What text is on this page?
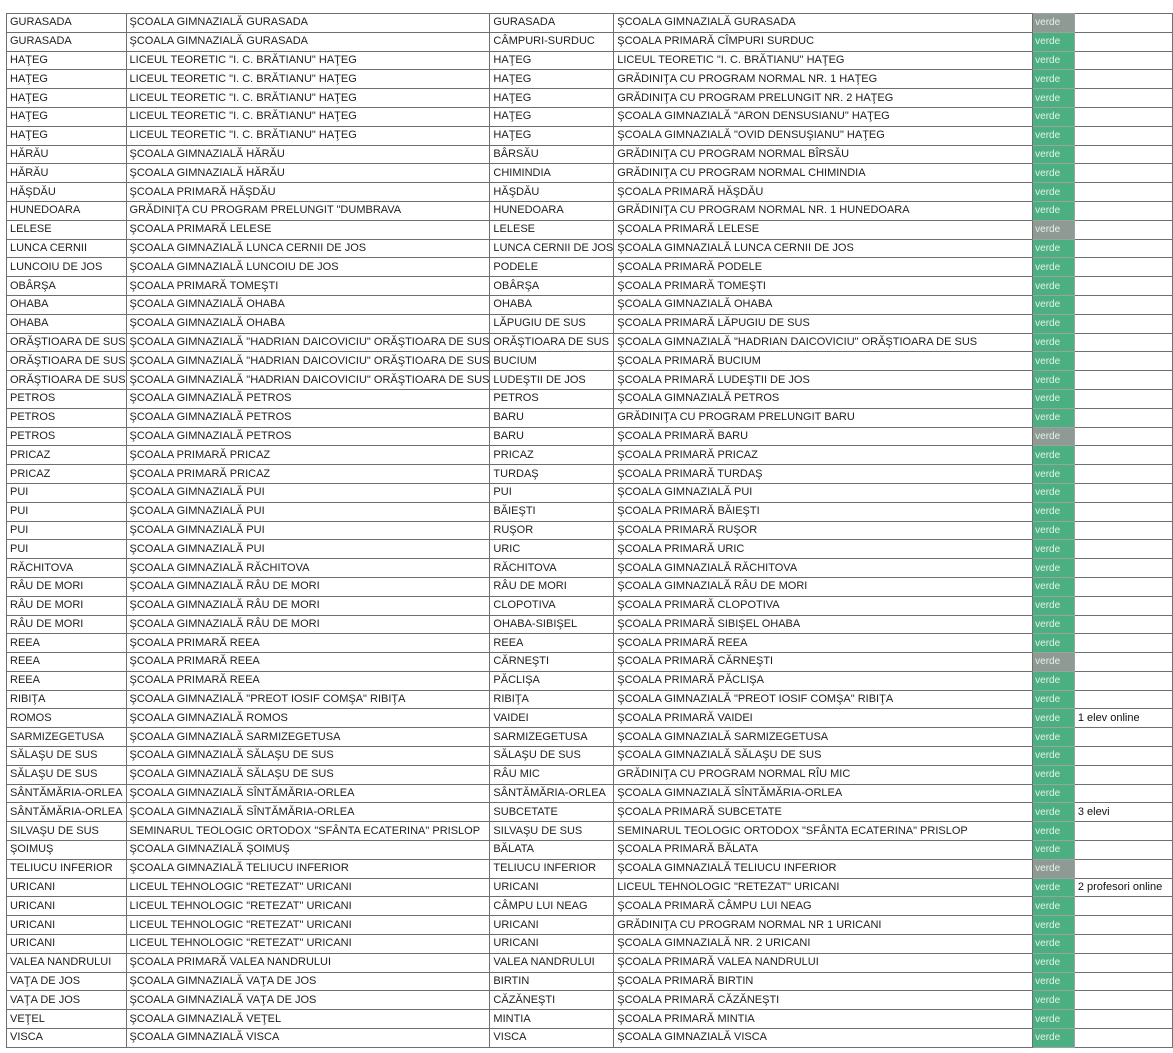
GURASADA	ŞCOALA GIMNAZIALĂ GURASADA	GURASADA	ŞCOALA GIMNAZIALĂ GURASADA	verde	
GURASADA	ŞCOALA GIMNAZIALĂ GURASADA	CÂMPURI-SURDUC	ŞCOALA PRIMARĂ CÎMPURI SURDUC	verde	
HAŢEG	LICEUL TEORETIC "I. C. BRĂTIANU" HAŢEG	HAŢEG	LICEUL TEORETIC "I. C. BRĂTIANU" HAŢEG	verde	
HAŢEG	LICEUL TEORETIC "I. C. BRĂTIANU" HAŢEG	HAŢEG	GRĂDINIŢA CU PROGRAM NORMAL NR. 1 HAŢEG	verde	
HAŢEG	LICEUL TEORETIC "I. C. BRĂTIANU" HAŢEG	HAŢEG	GRĂDINIŢA CU PROGRAM PRELUNGIT NR. 2 HAŢEG	verde	
HAŢEG	LICEUL TEORETIC "I. C. BRĂTIANU" HAŢEG	HAŢEG	ŞCOALA GIMNAZIALĂ "ARON DENSUSIANU" HAŢEG	verde	
HAŢEG	LICEUL TEORETIC "I. C. BRĂTIANU" HAŢEG	HAŢEG	ŞCOALA GIMNAZIALĂ "OVID DENSUŞIANU" HAŢEG	verde	
HĂRĂU	ŞCOALA GIMNAZIALĂ HĂRĂU	BÂRSĂU	GRĂDINIŢA CU PROGRAM NORMAL BÎRSĂU	verde	
HĂRĂU	ŞCOALA GIMNAZIALĂ HĂRĂU	CHIMINDIA	GRĂDINIŢA CU PROGRAM NORMAL CHIMINDIA	verde	
HĂŞDĂU	ŞCOALA PRIMARĂ HĂŞDĂU	HĂŞDĂU	ŞCOALA PRIMARĂ HĂŞDĂU	verde	
HUNEDOARA	GRĂDINIŢA CU PROGRAM PRELUNGIT "DUMBRAVA	HUNEDOARA	GRĂDINIŢA CU PROGRAM NORMAL NR. 1 HUNEDOARA	verde	
LELESE	ŞCOALA PRIMARĂ LELESE	LELESE	ŞCOALA PRIMARĂ LELESE	verde	
LUNCA CERNII	ŞCOALA GIMNAZIALĂ LUNCA CERNII DE JOS	LUNCA CERNII DE JOS	ŞCOALA GIMNAZIALĂ LUNCA CERNII DE JOS	verde	
LUNCOIU DE JOS	ŞCOALA GIMNAZIALĂ LUNCOIU DE JOS	PODELE	ŞCOALA PRIMARĂ PODELE	verde	
OBÂRŞA	ŞCOALA PRIMARĂ TOMEŞTI	OBÂRŞA	ŞCOALA PRIMARĂ TOMEŞTI	verde	
OHABA	ŞCOALA GIMNAZIALĂ OHABA	OHABA	ŞCOALA GIMNAZIALĂ OHABA	verde	
OHABA	ŞCOALA GIMNAZIALĂ OHABA	LĂPUGIU DE SUS	ŞCOALA PRIMARĂ LĂPUGIU DE SUS	verde	
ORĂŞTIOARA DE SUS	ŞCOALA GIMNAZIALĂ "HADRIAN DAICOVICIU" ORĂŞTIOARA DE SUS	ORĂŞTIOARA DE SUS	ŞCOALA GIMNAZIALĂ "HADRIAN DAICOVICIU" ORĂŞTIOARA DE SUS	verde	
ORĂŞTIOARA DE SUS	ŞCOALA GIMNAZIALĂ "HADRIAN DAICOVICIU" ORĂŞTIOARA DE SUS	BUCIUM	ŞCOALA PRIMARĂ BUCIUM	verde	
ORĂŞTIOARA DE SUS	ŞCOALA GIMNAZIALĂ "HADRIAN DAICOVICIU" ORĂŞTIOARA DE SUS	LUDEŞTII DE JOS	ŞCOALA PRIMARĂ LUDEŞTII DE JOS	verde	
PETROS	ŞCOALA GIMNAZIALĂ PETROS	PETROS	ŞCOALA GIMNAZIALĂ PETROS	verde	
PETROS	ŞCOALA GIMNAZIALĂ PETROS	BARU	GRĂDINIŢA CU PROGRAM PRELUNGIT BARU	verde	
PETROS	ŞCOALA GIMNAZIALĂ PETROS	BARU	ŞCOALA PRIMARĂ BARU	verde	
PRICAZ	ŞCOALA PRIMARĂ PRICAZ	PRICAZ	ŞCOALA PRIMARĂ PRICAZ	verde	
PRICAZ	ŞCOALA PRIMARĂ PRICAZ	TURDAŞ	ŞCOALA PRIMARĂ TURDAŞ	verde	
PUI	ŞCOALA GIMNAZIALĂ PUI	PUI	ŞCOALA GIMNAZIALĂ PUI	verde	
PUI	ŞCOALA GIMNAZIALĂ PUI	BĂIEŞTI	ŞCOALA PRIMARĂ BĂIEŞTI	verde	
PUI	ŞCOALA GIMNAZIALĂ PUI	RUŞOR	ŞCOALA PRIMARĂ RUŞOR	verde	
PUI	ŞCOALA GIMNAZIALĂ PUI	URIC	ŞCOALA PRIMARĂ URIC	verde	
RĂCHITOVA	ŞCOALA GIMNAZIALĂ RĂCHITOVA	RĂCHITOVA	ŞCOALA GIMNAZIALĂ RĂCHITOVA	verde	
RÂU DE MORI	ŞCOALA GIMNAZIALĂ RÂU DE MORI	RÂU DE MORI	ŞCOALA GIMNAZIALĂ RÂU DE MORI	verde	
RÂU DE MORI	ŞCOALA GIMNAZIALĂ RÂU DE MORI	CLOPOTIVA	ŞCOALA PRIMARĂ CLOPOTIVA	verde	
RÂU DE MORI	ŞCOALA GIMNAZIALĂ RÂU DE MORI	OHABA-SIBIŞEL	ŞCOALA PRIMARĂ SIBIŞEL OHABA	verde	
REEA	ŞCOALA PRIMARĂ REEA	REEA	ŞCOALA PRIMARĂ REEA	verde	
REEA	ŞCOALA PRIMARĂ REEA	CĂRNEŞTI	ŞCOALA PRIMARĂ CĂRNEŞTI	verde	
REEA	ŞCOALA PRIMARĂ REEA	PĂCLIŞA	ŞCOALA PRIMARĂ PĂCLIŞA	verde	
RIBIŢA	ŞCOALA GIMNAZIALĂ "PREOT IOSIF COMŞA" RIBIŢA	RIBIŢA	ŞCOALA GIMNAZIALĂ "PREOT IOSIF COMŞA" RIBIŢA	verde	
ROMOS	ŞCOALA GIMNAZIALĂ ROMOS	VAIDEI	ŞCOALA PRIMARĂ VAIDEI	verde	1 elev online
SARMIZEGETUSA	ŞCOALA GIMNAZIALĂ SARMIZEGETUSA	SARMIZEGETUSA	ŞCOALA GIMNAZIALĂ SARMIZEGETUSA	verde	
SĂLAŞU DE SUS	ŞCOALA GIMNAZIALĂ SĂLAŞU DE SUS	SĂLAŞU DE SUS	ŞCOALA GIMNAZIALĂ SĂLAŞU DE SUS	verde	
SĂLAŞU DE SUS	ŞCOALA GIMNAZIALĂ SĂLAŞU DE SUS	RÂU MIC	GRĂDINIŢA CU PROGRAM NORMAL RÎU MIC	verde	
SÂNTĂMĂRIA-ORLEA	ŞCOALA GIMNAZIALĂ SÎNTĂMĂRIA-ORLEA	SÂNTĂMĂRIA-ORLEA	ŞCOALA GIMNAZIALĂ SÎNTĂMĂRIA-ORLEA	verde	
SÂNTĂMĂRIA-ORLEA	ŞCOALA GIMNAZIALĂ SÎNTĂMĂRIA-ORLEA	SUBCETATE	ŞCOALA PRIMARĂ SUBCETATE	verde	3 elevi
SILVAŞU DE SUS	SEMINARUL TEOLOGIC ORTODOX "SFÂNTA ECATERINA" PRISLOP	SILVAŞU DE SUS	SEMINARUL TEOLOGIC ORTODOX "SFÂNTA ECATERINA" PRISLOP	verde	
ŞOIMUŞ	ŞCOALA GIMNAZIALĂ ŞOIMUŞ	BĂLATA	ŞCOALA PRIMARĂ BĂLATA	verde	
TELIUCU INFERIOR	ŞCOALA GIMNAZIALĂ TELIUCU INFERIOR	TELIUCU INFERIOR	ŞCOALA GIMNAZIALĂ TELIUCU INFERIOR	verde	
URICANI	LICEUL TEHNOLOGIC "RETEZAT" URICANI	URICANI	LICEUL TEHNOLOGIC "RETEZAT" URICANI	verde	2 profesori online
URICANI	LICEUL TEHNOLOGIC "RETEZAT" URICANI	CÂMPU LUI NEAG	ŞCOALA PRIMARĂ CÂMPU LUI NEAG	verde	
URICANI	LICEUL TEHNOLOGIC "RETEZAT" URICANI	URICANI	GRĂDINIŢA CU PROGRAM NORMAL NR 1 URICANI	verde	
URICANI	LICEUL TEHNOLOGIC "RETEZAT" URICANI	URICANI	ŞCOALA GIMNAZIALĂ NR. 2 URICANI	verde	
VALEA NANDRULUI	ŞCOALA PRIMARĂ VALEA NANDRULUI	VALEA NANDRULUI	ŞCOALA PRIMARĂ VALEA NANDRULUI	verde	
VAŢA DE JOS	ŞCOALA GIMNAZIALĂ VAŢA DE JOS	BIRTIN	ŞCOALA PRIMARĂ BIRTIN	verde	
VAŢA DE JOS	ŞCOALA GIMNAZIALĂ VAŢA DE JOS	CĂZĂNEŞTI	ŞCOALA PRIMARĂ CĂZĂNEŞTI	verde	
VEŢEL	ŞCOALA GIMNAZIALĂ VEŢEL	MINTIA	ŞCOALA PRIMARĂ MINTIA	verde	
VISCA	ŞCOALA GIMNAZIALĂ VISCA	VISCA	ŞCOALA GIMNAZIALĂ VISCA	verde	
